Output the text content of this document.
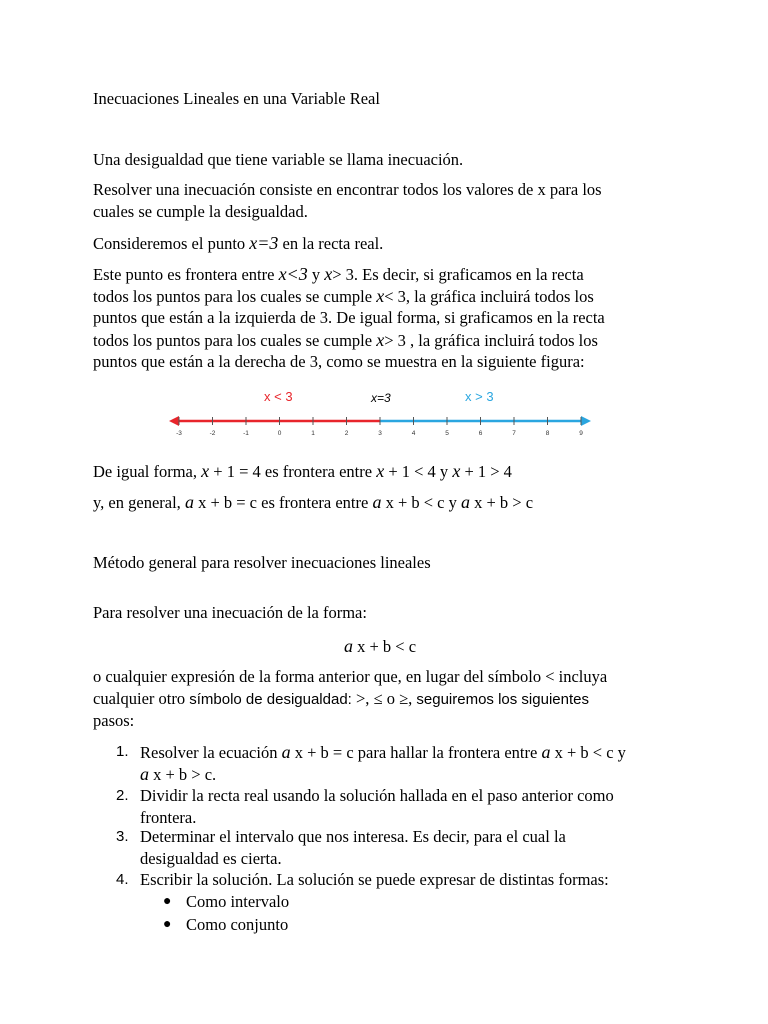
Inecuaciones Lineales en una Variable Real
Una desigualdad que tiene variable se llama inecuación.
Resolver una inecuación consiste en encontrar todos los valores de x para los
cuales se cumple la desigualdad.
Consideremos el punto x=3 en la recta real.
Este punto es frontera entre x<3 y x> 3. Es decir, si graficamos en la recta
todos los puntos para los cuales se cumple x< 3, la gráfica incluirá todos los
puntos que están a la izquierda de 3. De igual forma, si graficamos en la recta
todos los puntos para los cuales se cumple x> 3 , la gráfica incluirá todos los
puntos que están a la derecha de 3, como se muestra en la siguiente figura:
x < 3	x=3	x > 3
-3	-2	-1	0	1	2	3	4	5	6	7	8	9
De igual forma, x + 1 = 4 es frontera entre x + 1 < 4 y x + 1 > 4
y, en general, a x + b = c es frontera entre a x + b < c y a x + b > c
Método general para resolver inecuaciones lineales
Para resolver una inecuación de la forma:
a x + b < c
o cualquier expresión de la forma anterior que, en lugar del símbolo < incluya
cualquier otro símbolo de desigualdad: >, ≤ o ≥, seguiremos los siguientes
pasos:
1. Resolver la ecuación a x + b = c para hallar la frontera entre a x + b < c y
a x + b > c.
2. Dividir la recta real usando la solución hallada en el paso anterior como
frontera.
3. Determinar el intervalo que nos interesa. Es decir, para el cual la
desigualdad es cierta.
4. Escribir la solución. La solución se puede expresar de distintas formas:
● Como intervalo
● Como conjunto
